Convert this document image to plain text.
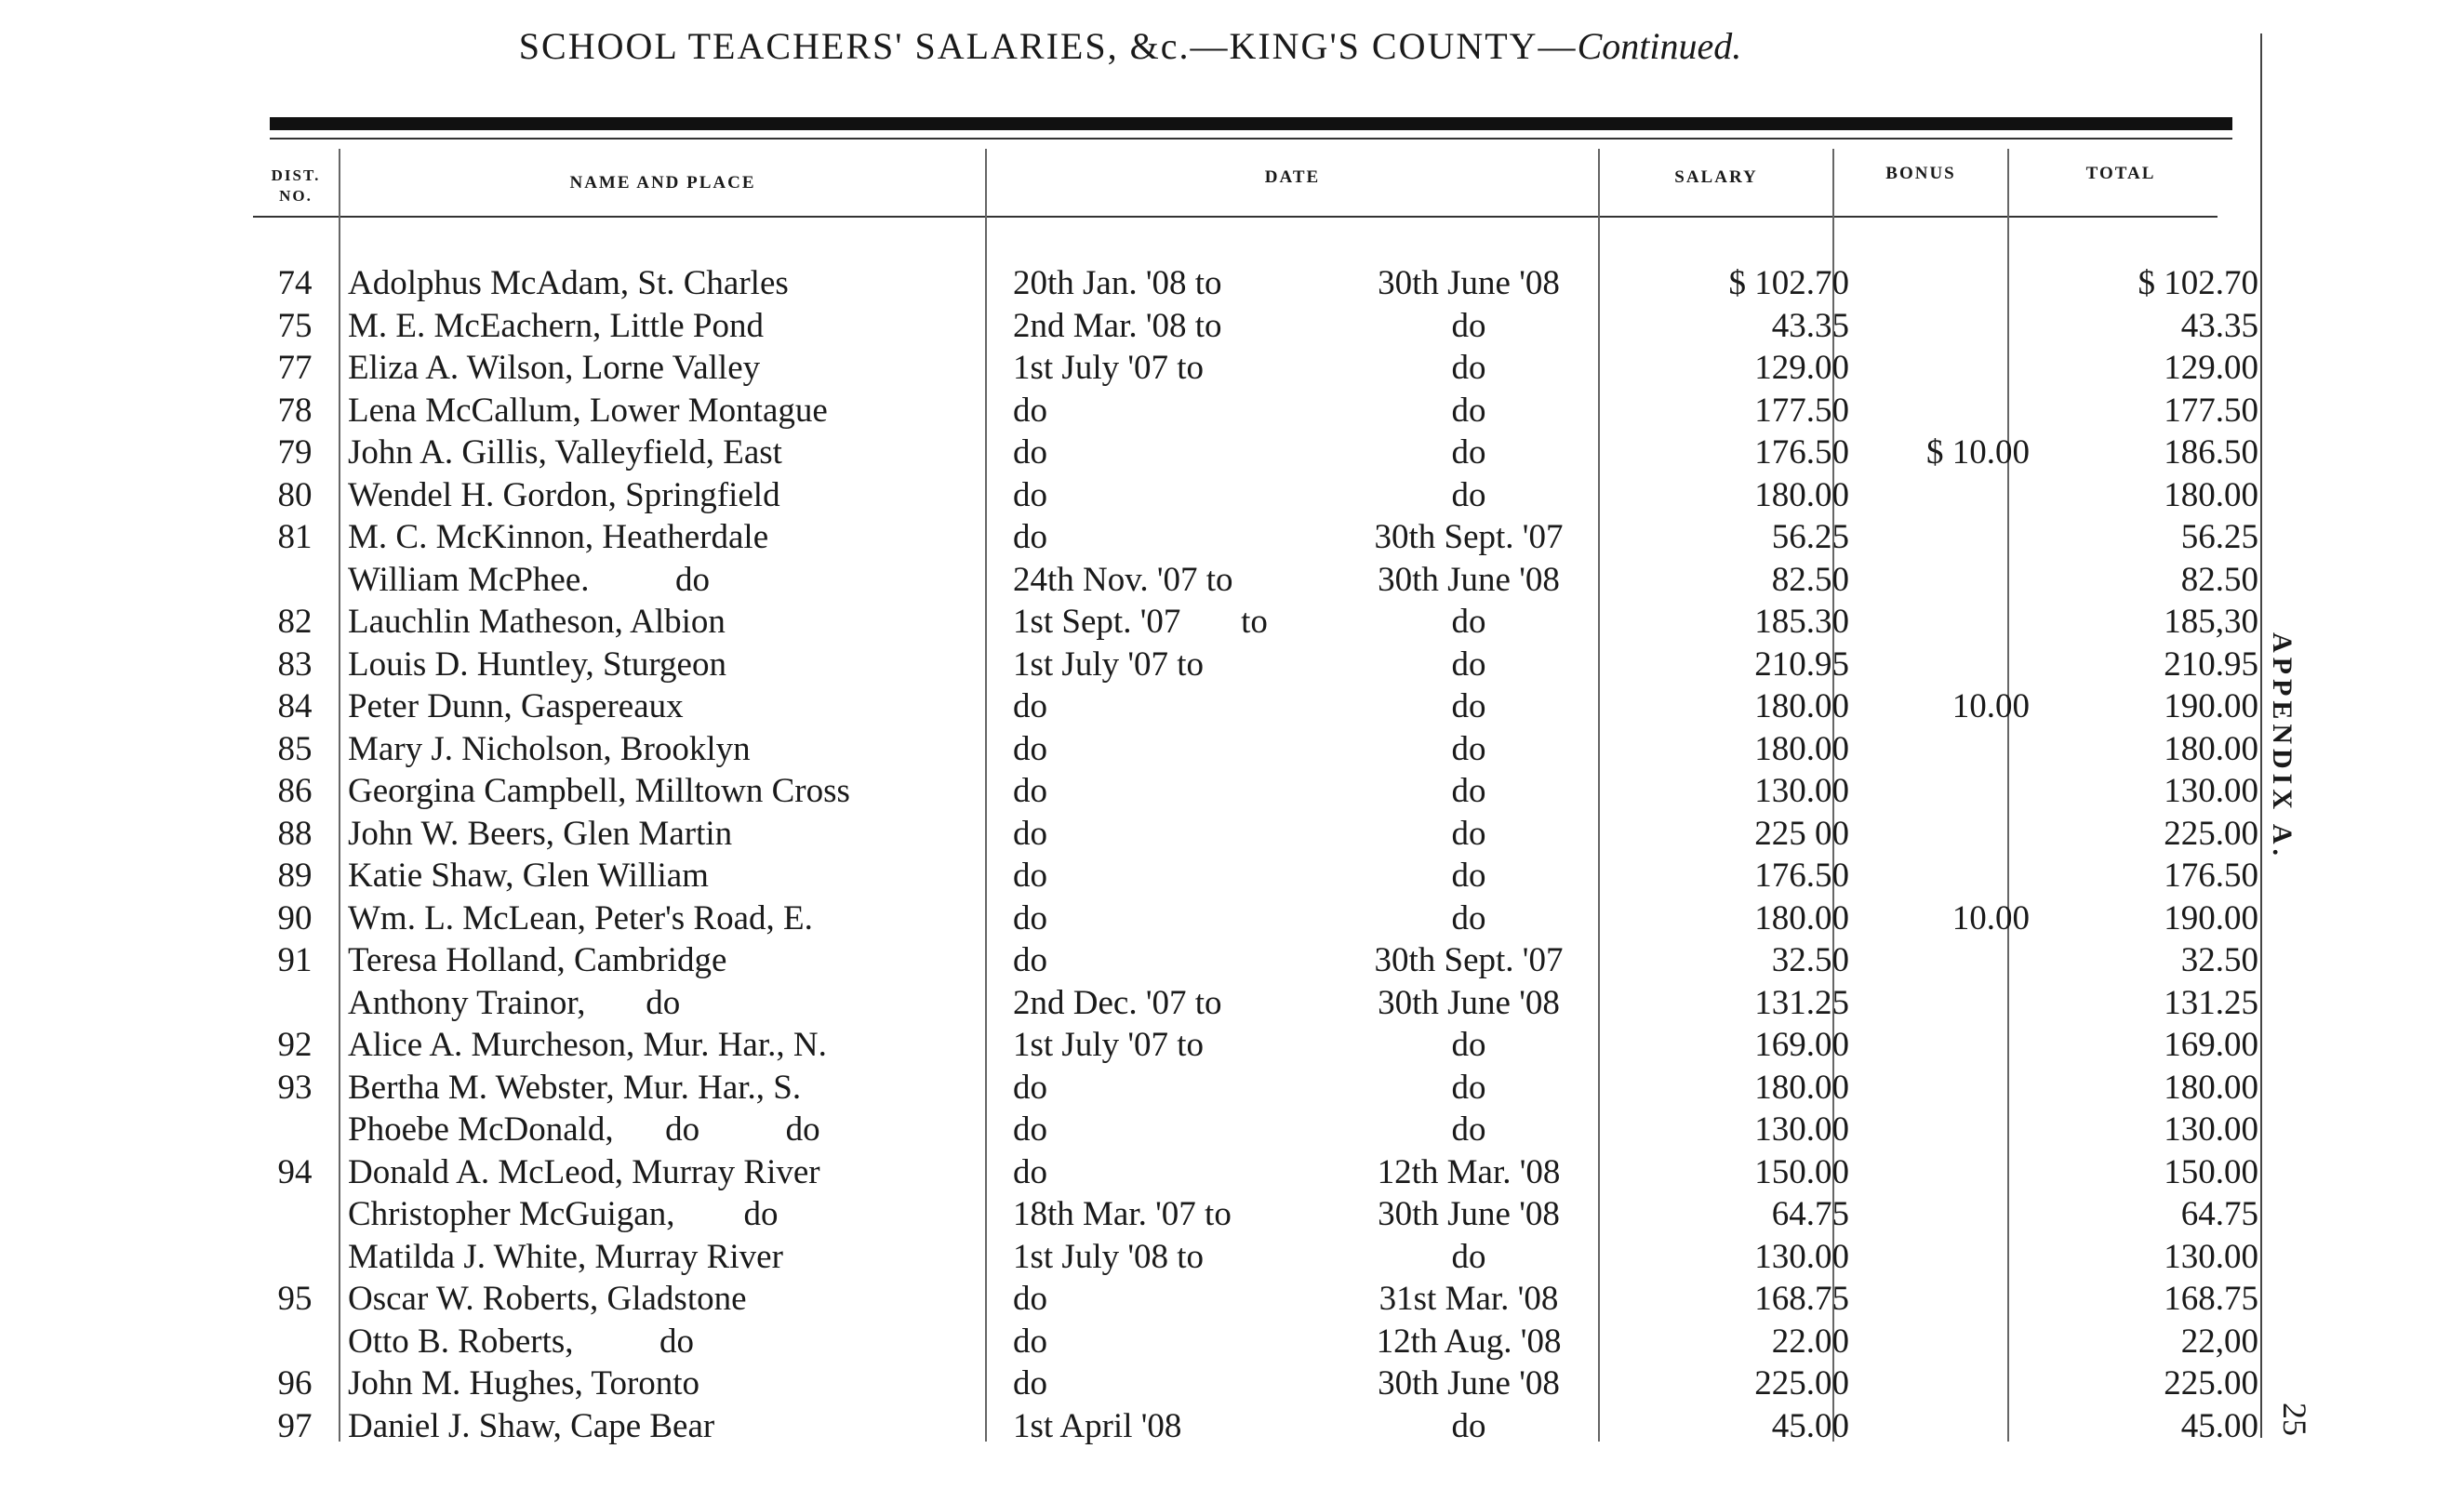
SCHOOL TEACHERS' SALARIES, &c.—KING'S COUNTY—Continued.
DIST. NO.
NAME AND PLACE	DATE	SALARY	BONUS	TOTAL
74	Adolphus McAdam, St. Charles	20th Jan. '08 to	30th June '08	$ 102.70		$ 102.70
75	M. E. McEachern, Little Pond	2nd Mar. '08 to	do	43.35		43.35
77	Eliza A. Wilson, Lorne Valley	1st July '07 to	do	129.00		129.00
78	Lena McCallum, Lower Montague	do	do	177.50		177.50
79	John A. Gillis, Valleyfield, East	do	do	176.50	$ 10.00	186.50
80	Wendel H. Gordon, Springfield	do	do	180.00		180.00
81	M. C. McKinnon, Heatherdale	do	30th Sept. '07	56.25		56.25
	William McPhee.          do	24th Nov. '07 to	30th June '08	82.50		82.50
82	Lauchlin Matheson, Albion	1st Sept. '07       to	do	185.30		185,30
83	Louis D. Huntley, Sturgeon	1st July '07 to	do	210.95		210.95
84	Peter Dunn, Gaspereaux	do	do	180.00	10.00	190.00
85	Mary J. Nicholson, Brooklyn	do	do	180.00		180.00
86	Georgina Campbell, Milltown Cross	do	do	130.00		130.00
88	John W. Beers, Glen Martin	do	do	225 00		225.00
89	Katie Shaw, Glen William	do	do	176.50		176.50
90	Wm. L. McLean, Peter's Road, E.	do	do	180.00	10.00	190.00
91	Teresa Holland, Cambridge	do	30th Sept. '07	32.50		32.50
	Anthony Trainor,       do	2nd Dec. '07 to	30th June '08	131.25		131.25
92	Alice A. Murcheson, Mur. Har., N.	1st July '07 to	do	169.00		169.00
93	Bertha M. Webster, Mur. Har., S.	do	do	180.00		180.00
	Phoebe McDonald,      do          do	do	do	130.00		130.00
94	Donald A. McLeod, Murray River	do	12th Mar. '08	150.00		150.00
	Christopher McGuigan,        do	18th Mar. '07 to	30th June '08	64.75		64.75
	Matilda J. White, Murray River	1st July '08 to	do	130.00		130.00
95	Oscar W. Roberts, Gladstone	do	31st Mar. '08	168.75		168.75
	Otto B. Roberts,          do	do	12th Aug. '08	22.00		22,00
96	John M. Hughes, Toronto	do	30th June '08	225.00		225.00
97	Daniel J. Shaw, Cape Bear	1st April '08	do	45.00		45.00
APPENDIX A.
25
